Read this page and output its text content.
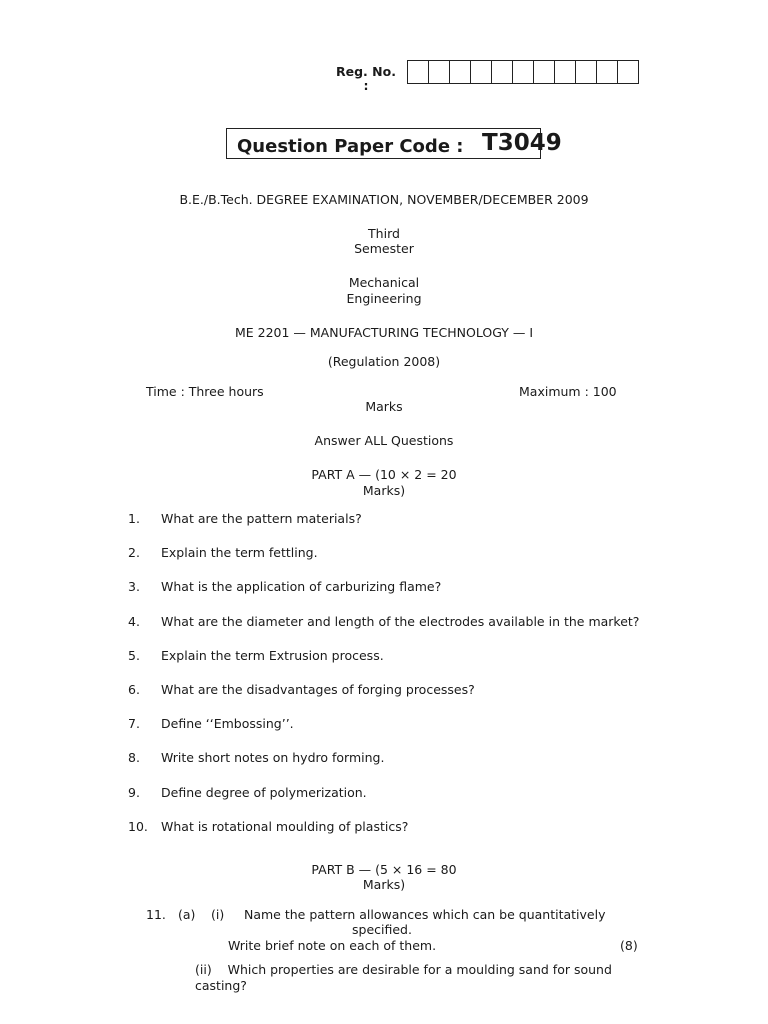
Reg. No.
:
Question Paper Code : T3049
B.E./B.Tech. DEGREE EXAMINATION, NOVEMBER/DECEMBER 2009
Third
Semester
Mechanical
Engineering
ME 2201 — MANUFACTURING TECHNOLOGY — I
(Regulation 2008)
Time : Three hours	Maximum : 100
Marks
Answer ALL Questions
PART A — (10 × 2 = 20
Marks)
1. What are the pattern materials?
2. Explain the term fettling.
3. What is the application of carburizing flame?
4. What are the diameter and length of the electrodes available in the market?
5. Explain the term Extrusion process.
6. What are the disadvantages of forging processes?
7. Define ‘‘Embossing’’.
8. Write short notes on hydro forming.
9. Define degree of polymerization.
10. What is rotational moulding of plastics?
PART B — (5 × 16 = 80
Marks)
11. (a) (i) Name the pattern allowances which can be quantitatively
specified.
Write brief note on each of them.	(8)
(ii)    Which properties are desirable for a moulding sand for sound
casting?
